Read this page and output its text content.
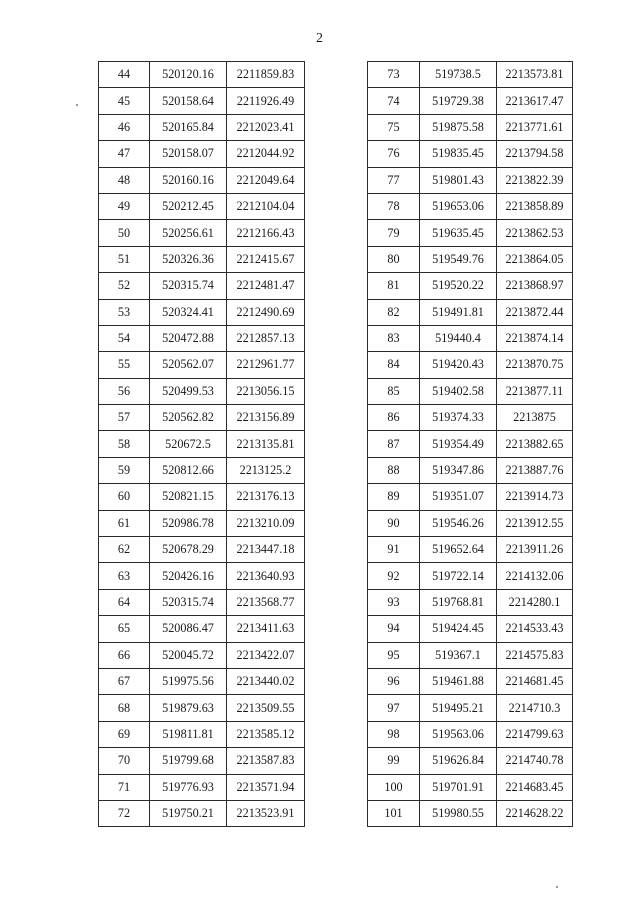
2
44	520120.16	2211859.83
45	520158.64	2211926.49
46	520165.84	2212023.41
47	520158.07	2212044.92
48	520160.16	2212049.64
49	520212.45	2212104.04
50	520256.61	2212166.43
51	520326.36	2212415.67
52	520315.74	2212481.47
53	520324.41	2212490.69
54	520472.88	2212857.13
55	520562.07	2212961.77
56	520499.53	2213056.15
57	520562.82	2213156.89
58	520672.5	2213135.81
59	520812.66	2213125.2
60	520821.15	2213176.13
61	520986.78	2213210.09
62	520678.29	2213447.18
63	520426.16	2213640.93
64	520315.74	2213568.77
65	520086.47	2213411.63
66	520045.72	2213422.07
67	519975.56	2213440.02
68	519879.63	2213509.55
69	519811.81	2213585.12
70	519799.68	2213587.83
71	519776.93	2213571.94
72	519750.21	2213523.91
73	519738.5	2213573.81
74	519729.38	2213617.47
75	519875.58	2213771.61
76	519835.45	2213794.58
77	519801.43	2213822.39
78	519653.06	2213858.89
79	519635.45	2213862.53
80	519549.76	2213864.05
81	519520.22	2213868.97
82	519491.81	2213872.44
83	519440.4	2213874.14
84	519420.43	2213870.75
85	519402.58	2213877.11
86	519374.33	2213875
87	519354.49	2213882.65
88	519347.86	2213887.76
89	519351.07	2213914.73
90	519546.26	2213912.55
91	519652.64	2213911.26
92	519722.14	2214132.06
93	519768.81	2214280.1
94	519424.45	2214533.43
95	519367.1	2214575.83
96	519461.88	2214681.45
97	519495.21	2214710.3
98	519563.06	2214799.63
99	519626.84	2214740.78
100	519701.91	2214683.45
101	519980.55	2214628.22
